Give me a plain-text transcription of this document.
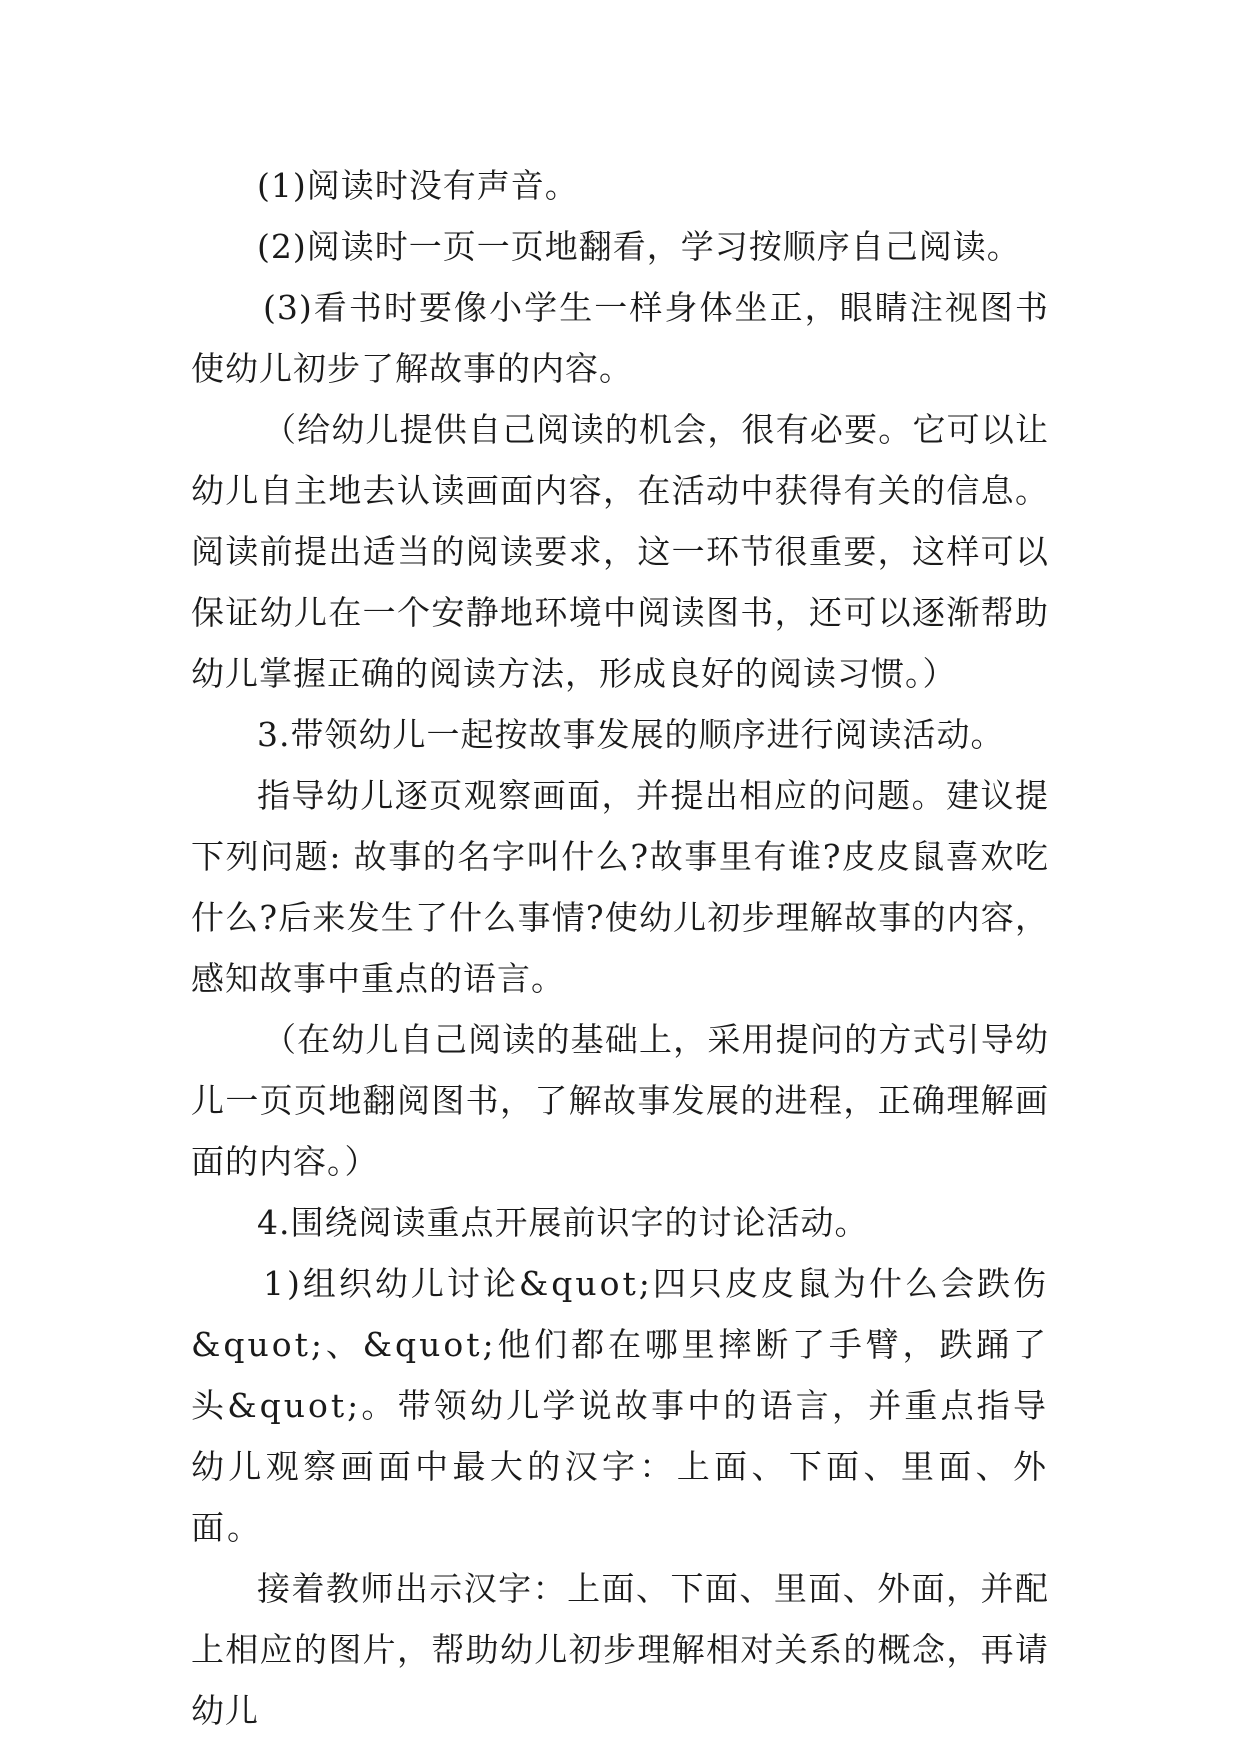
(1)阅读时没有声音。

(2)阅读时一页一页地翻看，学习按顺序自己阅读。

(3)看书时要像小学生一样身体坐正，眼睛注视图书使幼儿初步了解故事的内容。

（给幼儿提供自己阅读的机会，很有必要。它可以让幼儿自主地去认读画面内容，在活动中获得有关的信息。阅读前提出适当的阅读要求，这一环节很重要，这样可以保证幼儿在一个安静地环境中阅读图书，还可以逐渐帮助幼儿掌握正确的阅读方法，形成良好的阅读习惯。）

3.带领幼儿一起按故事发展的顺序进行阅读活动。

指导幼儿逐页观察画面，并提出相应的问题。建议提下列问题: 故事的名字叫什么?故事里有谁?皮皮鼠喜欢吃什么?后来发生了什么事情?使幼儿初步理解故事的内容，感知故事中重点的语言。

（在幼儿自己阅读的基础上，采用提问的方式引导幼儿一页页地翻阅图书，了解故事发展的进程，正确理解画面的内容。）

4.围绕阅读重点开展前识字的讨论活动。

1)组织幼儿讨论&quot;四只皮皮鼠为什么会跌伤&quot;、&quot;他们都在哪里摔断了手臂，跌踊了头&quot;。带领幼儿学说故事中的语言，并重点指导幼儿观察画面中最大的汉字：上面、下面、里面、外面。

接着教师出示汉字：上面、下面、里面、外面，并配上相应的图片，帮助幼儿初步理解相对关系的概念，再请幼儿
